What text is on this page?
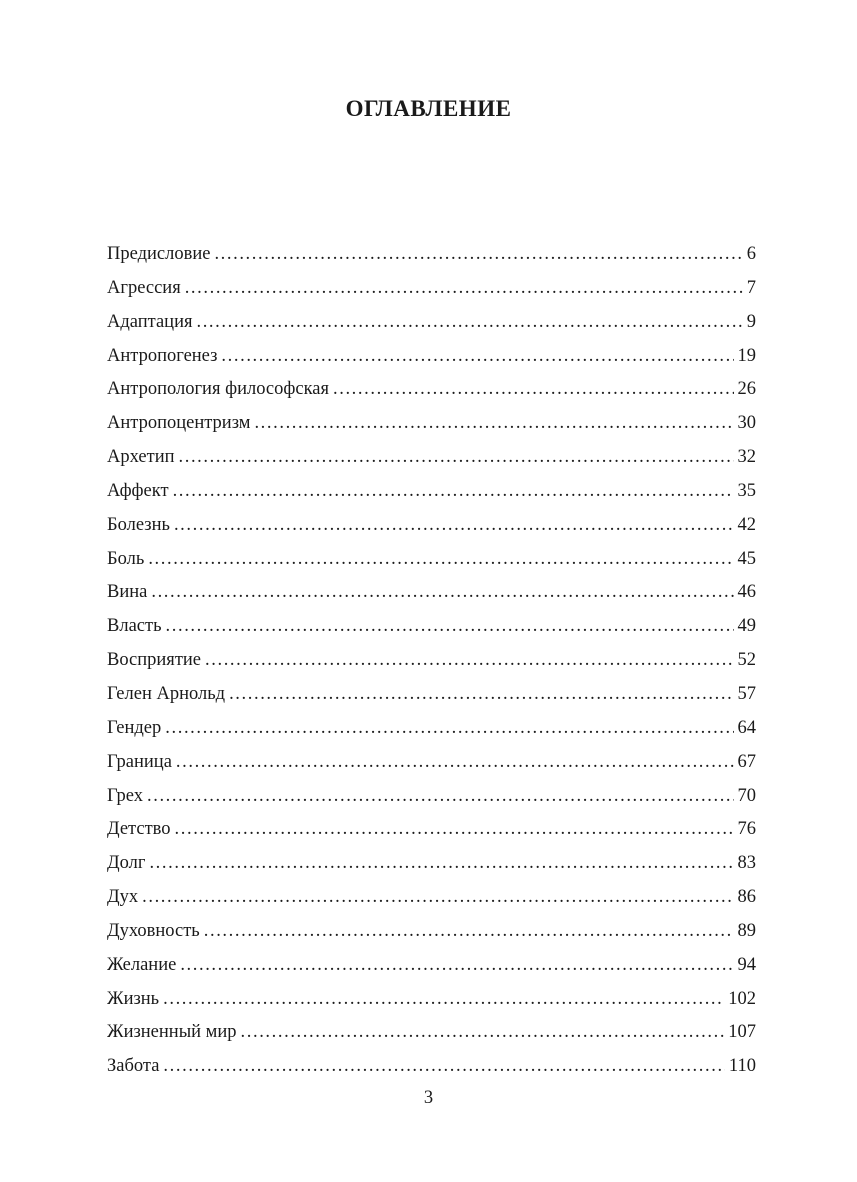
ОГЛАВЛЕНИЕ
Предисловие .....	6
Агрессия .....	7
Адаптация .....	9
Антропогенез .....	19
Антропология философская .....	26
Антропоцентризм .....	30
Архетип .....	32
Аффект .....	35
Болезнь .....	42
Боль .....	45
Вина .....	46
Власть .....	49
Восприятие .....	52
Гелен Арнольд .....	57
Гендер .....	64
Граница .....	67
Грех .....	70
Детство .....	76
Долг .....	83
Дух .....	86
Духовность .....	89
Желание .....	94
Жизнь .....	102
Жизненный мир .....	107
Забота .....	110
3
